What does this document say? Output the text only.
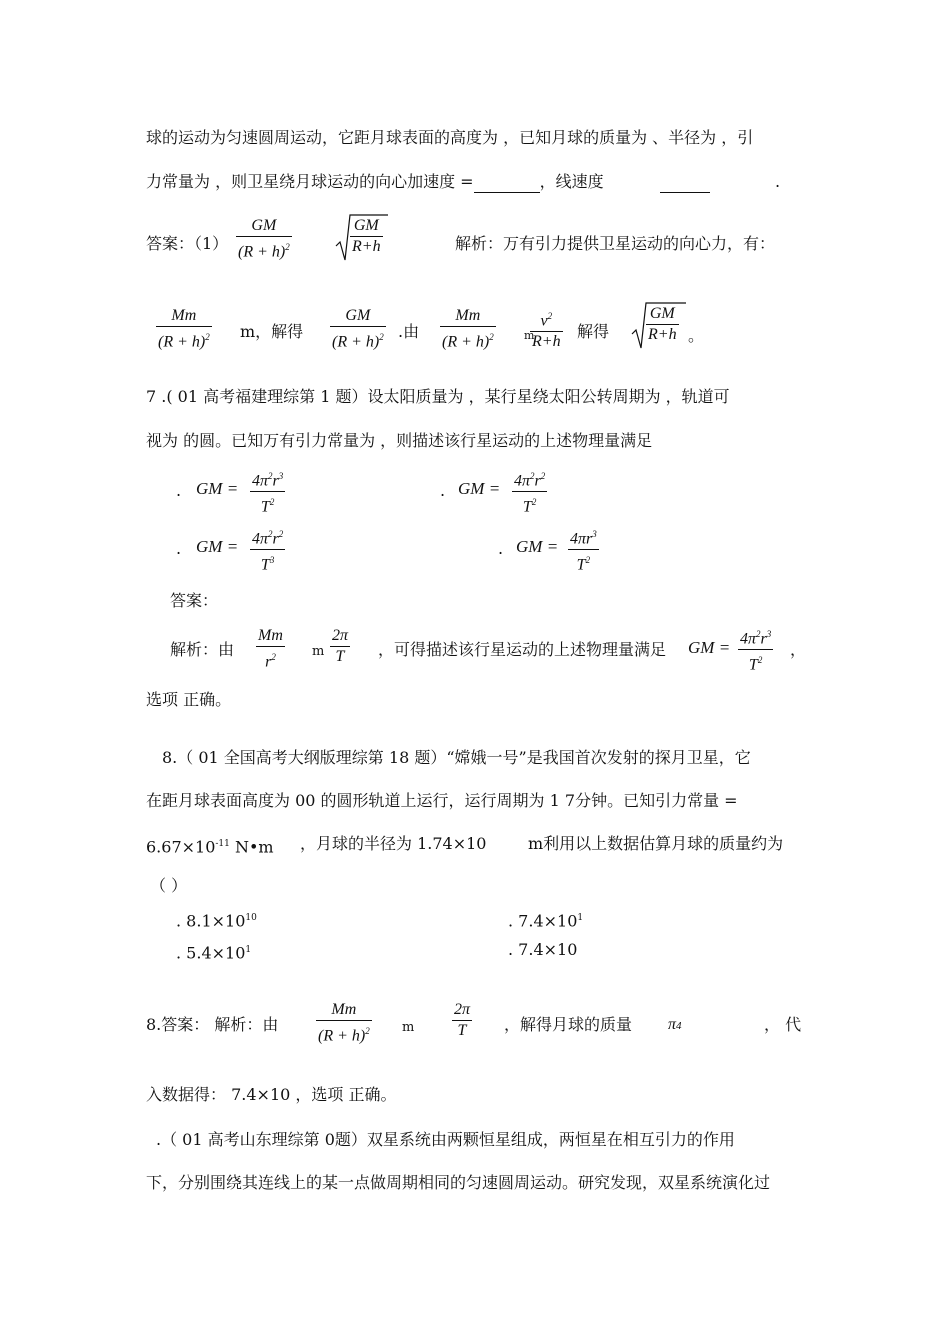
球的运动为匀速圆周运动，它距月球表面的高度为 ，已知月球的质量为 、半径为 ，引
力常量为 ，则卫星绕月球运动的向心加速度 =	，线速度
	.
答案：（1）
GM
$(R + h)^2$
GM
R+h	解析：万有引力提供卫星运动的向心力，有：
Mm
$(R + h)^2$ m，解得
GM
$(R + h)^2$ .由
Mm
$(R + h)^2$	m
$v^2$
R+h
解得
GM
R+h 。
7 .( 01 高考福建理综第 1 题）设太阳质量为 ，某行星绕太阳公转周期为 ，轨道可
视为 的圆。已知万有引力常量为 ，则描述该行星运动的上述物理量满足
. GM = $4\pi^2r^3$
$T^2$
. GM = $4\pi^2r^2$
$T^2$
. GM = $4\pi^2r^2$
$T^3$
. GM = $4\pi r^3$
$T^2$
答案：
解析：由
Mm
$r^2$	m
2π
T ，可得描述该行星运动的上述物理量满足 GM = $4\pi^2r^3$
$T^2$
，
选项 正确。
8.（ 01 全国高考大纲版理综第 18 题）“嫦娥一号”是我国首次发射的探月卫星，它
在距月球表面高度为 00 的圆形轨道上运行，运行周期为 1 7分钟。已知引力常量 =
$6.67\times 10^{-11}$ N•m ，月球的半径为 1.74×10	m利用以上数据估算月球的质量约为
（ ）
. $8.1\times 10^{10}$	. $7.4\times 10^1$
. $5.4\times 10^1$	. 7.4×10
8.答案： 解析：由
Mm
$(R + h)^2$ m
2π
T ，解得月球的质量 π4	， 代
入数据得： 7.4×10 ，选项 正确。
.（ 01 高考山东理综第 0题）双星系统由两颗恒星组成，两恒星在相互引力的作用
下，分别围绕其连线上的某一点做周期相同的匀速圆周运动。研究发现，双星系统演化过
